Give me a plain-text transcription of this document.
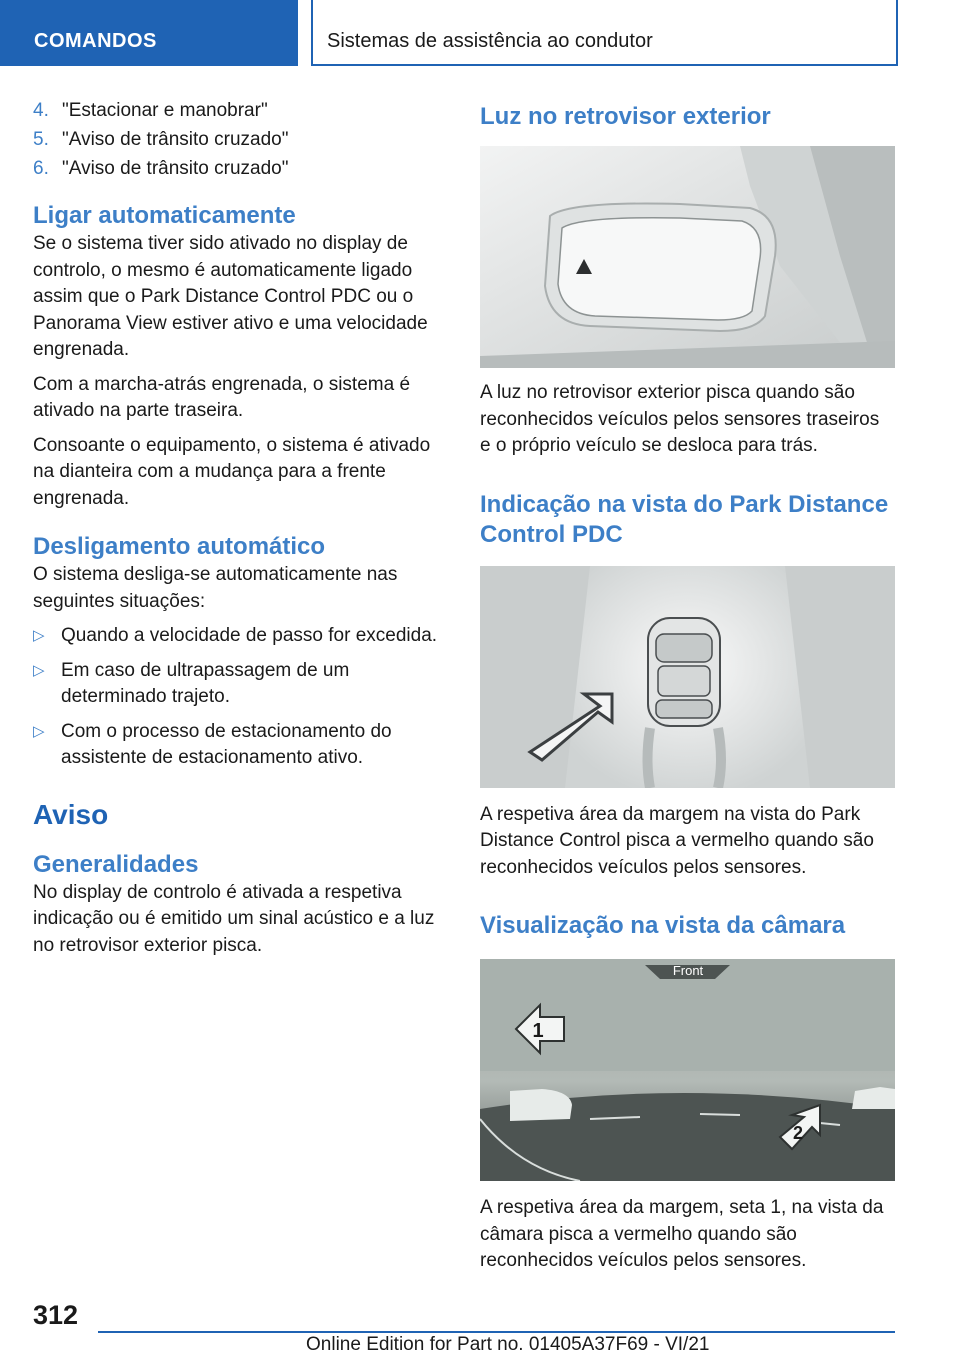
COMANDOS	Sistemas de assistência ao condutor
4. "Estacionar e manobrar"
5. "Aviso de trânsito cruzado"
6. "Aviso de trânsito cruzado"
Ligar automaticamente

Se o sistema tiver sido ativado no display de controlo, o mesmo é automaticamente ligado assim que o Park Distance Control PDC ou o Panorama View estiver ativo e uma velocidade engrenada.

Com a marcha-atrás engrenada, o sistema é ativado na parte traseira.

Consoante o equipamento, o sistema é ativado na dianteira com a mudança para a frente engrenada.

Desligamento automático

O sistema desliga-se automaticamente nas seguintes situações:

▷ Quando a velocidade de passo for excedida.
▷ Em caso de ultrapassagem de um determinado trajeto.
▷ Com o processo de estacionamento do assistente de estacionamento ativo.
Aviso
Generalidades

No display de controlo é ativada a respetiva indicação ou é emitido um sinal acústico e a luz no retrovisor exterior pisca.

Luz no retrovisor exterior

A luz no retrovisor exterior pisca quando são reconhecidos veículos pelos sensores traseiros e o próprio veículo se desloca para trás.

Indicação na vista do Park Distance Control PDC

A respetiva área da margem na vista do Park Distance Control pisca a vermelho quando são reconhecidos veículos pelos sensores.

Visualização na vista da câmara
Front
1
2

A respetiva área da margem, seta 1, na vista da câmara pisca a vermelho quando são reconhecidos veículos pelos sensores.

312
Online Edition for Part no. 01405A37F69 - VI/21
